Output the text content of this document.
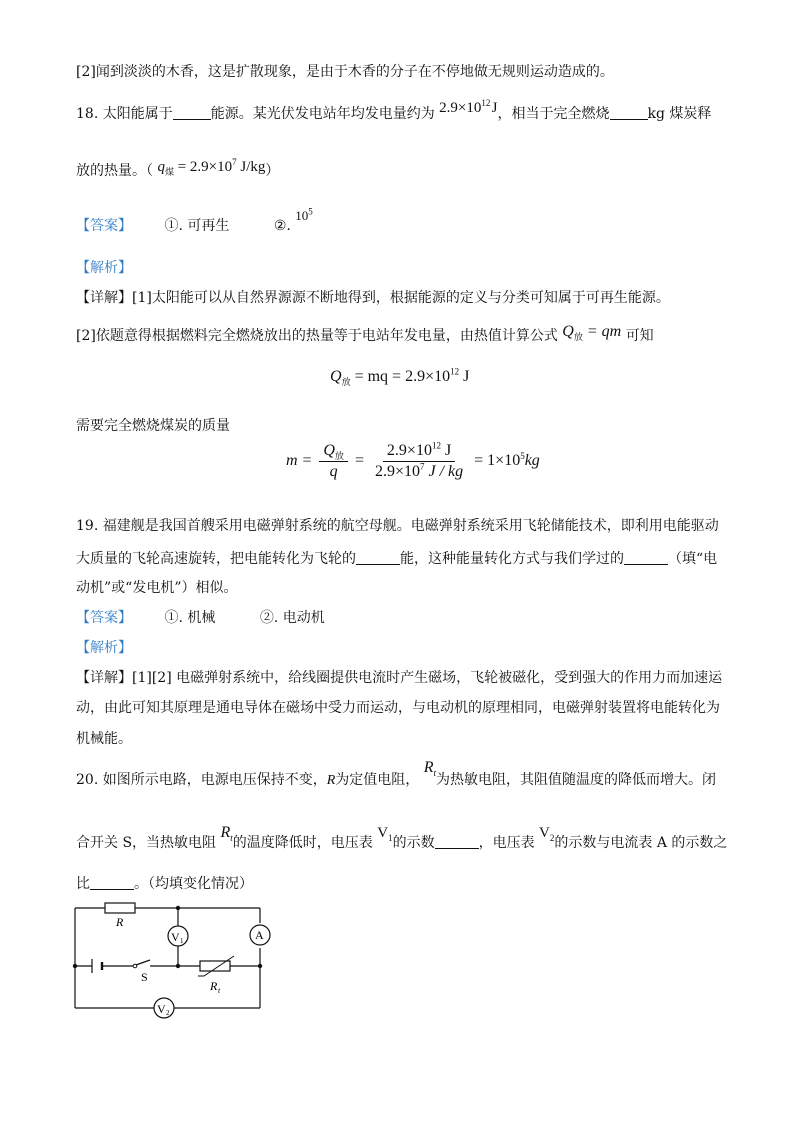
[2]闻到淡淡的木香，这是扩散现象，是由于木香的分子在不停地做无规则运动造成的。
18. 太阳能属于	能源。某光伏发电站年均发电量约为 $2.9\times 10^{12}$ J，相当于完全燃烧	kg 煤炭释
放的热量。（ $q_煤 = 2.9\times 10^7$ J/kg）
【答案】 ①. 可再生	②. $10^5$
【解析】
【详解】[1]太阳能可以从自然界源源不断地得到，根据能源的定义与分类可知属于可再生能源。
[2]依题意得根据燃料完全燃烧放出的热量等于电站年发电量，由热值计算公式 $Q_放$ = qm 可知
$Q_放$ = mq = $2.9\times 10^{12}$ J
需要完全燃烧煤炭的质量
$m = \frac{Q_放}{q} = \frac{2.9\times 10^{12} J}{2.9\times 10^7 J / kg} = 1\times 10^5kg$
19. 福建舰是我国首艘采用电磁弹射系统的航空母舰。电磁弹射系统采用飞轮储能技术，即利用电能驱动
大质量的飞轮高速旋转，把电能转化为飞轮的	能，这种能量转化方式与我们学过的	（填“电
动机”或“发电机”）相似。
【答案】 ①. 机械	②. 电动机
【解析】
【详解】[1][2] 电磁弹射系统中，给线圈提供电流时产生磁场，飞轮被磁化，受到强大的作用力而加速运
动，由此可知其原理是通电导体在磁场中受力而运动，与电动机的原理相同，电磁弹射装置将电能转化为
机械能。
20. 如图所示电路，电源电压保持不变，R为定值电阻， $R_t$为热敏电阻，其阻值随温度的降低而增大。闭
合开关 S，当热敏电阻 $R_t$的温度降低时，电压表 $V_1$的示数	，电压表 $V_2$的示数与电流表 A 的示数之
比	。（均填变化情况）
R
S
R t
V 1	A
V 2
